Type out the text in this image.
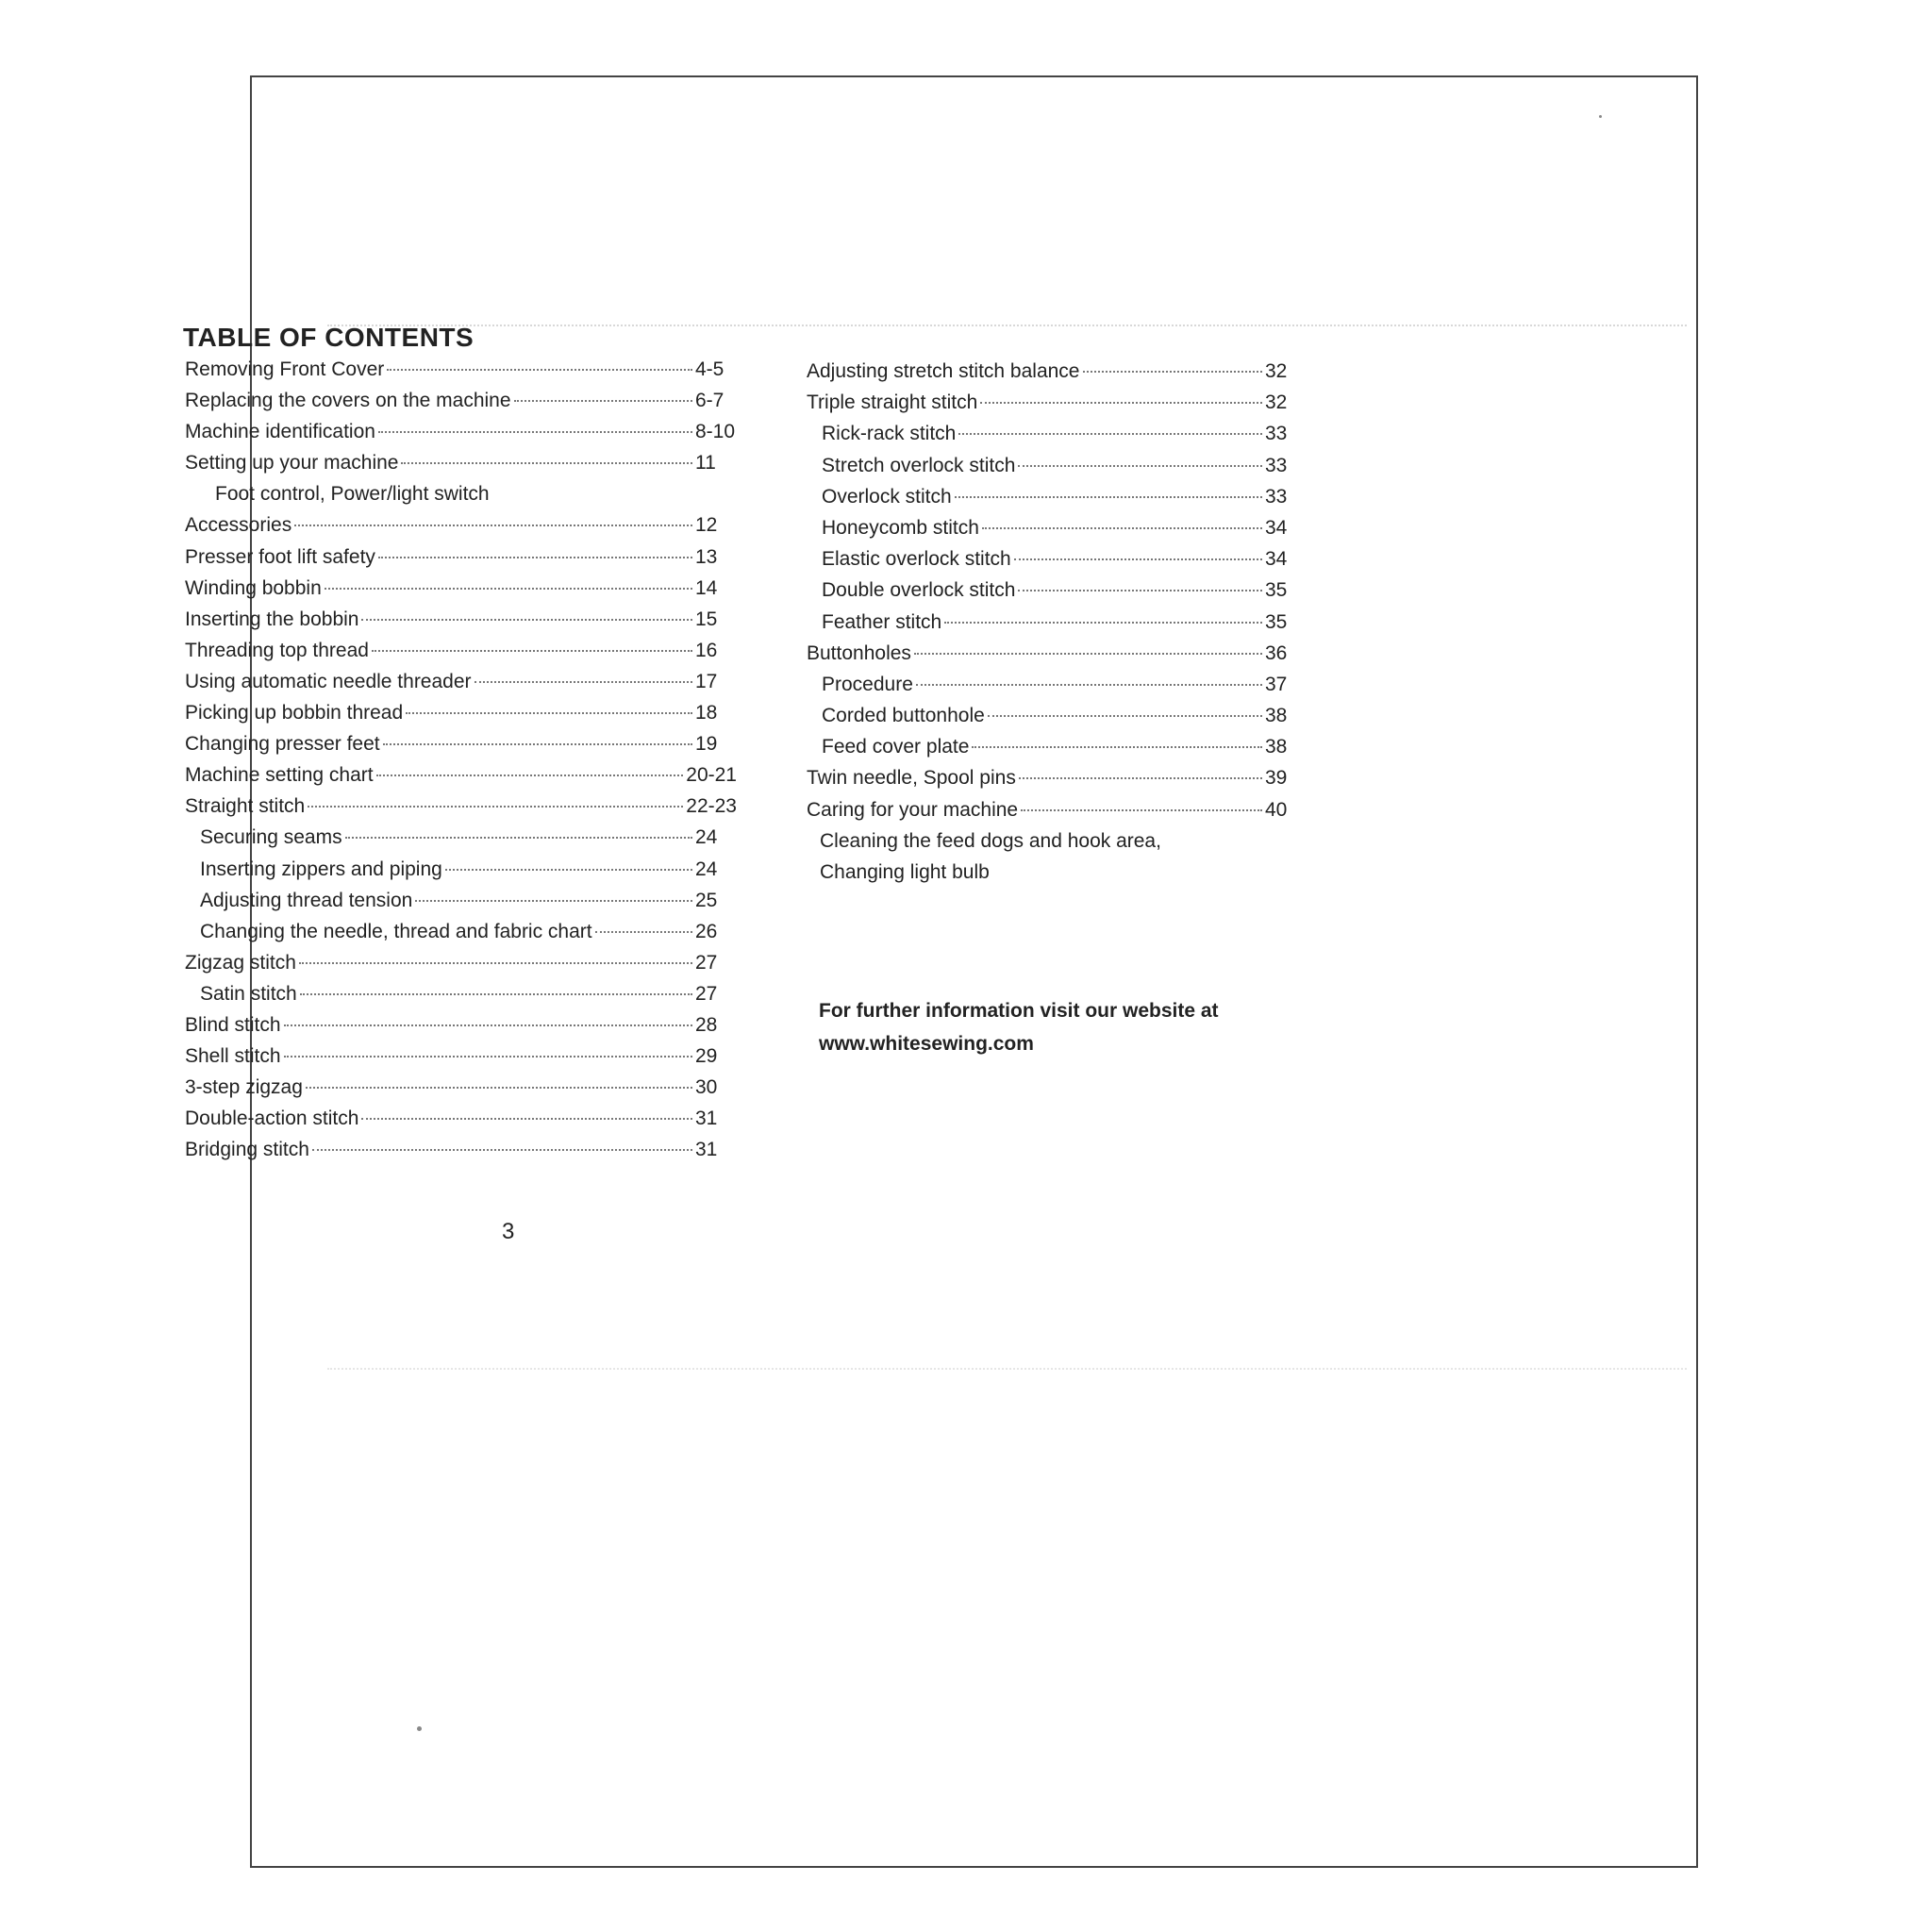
TABLE OF CONTENTS
Removing Front Cover	4-5
Replacing the covers on the machine	6-7
Machine identification	8-10
Setting up your machine	11
Foot control, Power/light switch
Accessories	12
Presser foot lift safety	13
Winding bobbin	14
Inserting the bobbin	15
Threading top thread	16
Using automatic needle threader	17
Picking up bobbin thread	18
Changing presser feet	19
Machine setting chart	20-21
Straight stitch	22-23
Securing seams	24
Inserting zippers and piping	24
Adjusting thread tension	25
Changing the needle, thread and fabric chart	26
Zigzag stitch	27
Satin stitch	27
Blind stitch	28
Shell stitch	29
3-step zigzag	30
Double-action stitch	31
Bridging stitch	31
Adjusting stretch stitch balance	32
Triple straight stitch	32
Rick-rack stitch	33
Stretch overlock stitch	33
Overlock stitch	33
Honeycomb stitch	34
Elastic overlock stitch	34
Double overlock stitch	35
Feather stitch	35
Buttonholes	36
Procedure	37
Corded buttonhole	38
Feed cover plate	38
Twin needle, Spool pins	39
Caring for your machine	40
Cleaning the feed dogs and hook area,
Changing light bulb
For further information visit our website at
www.whitesewing.com
3
